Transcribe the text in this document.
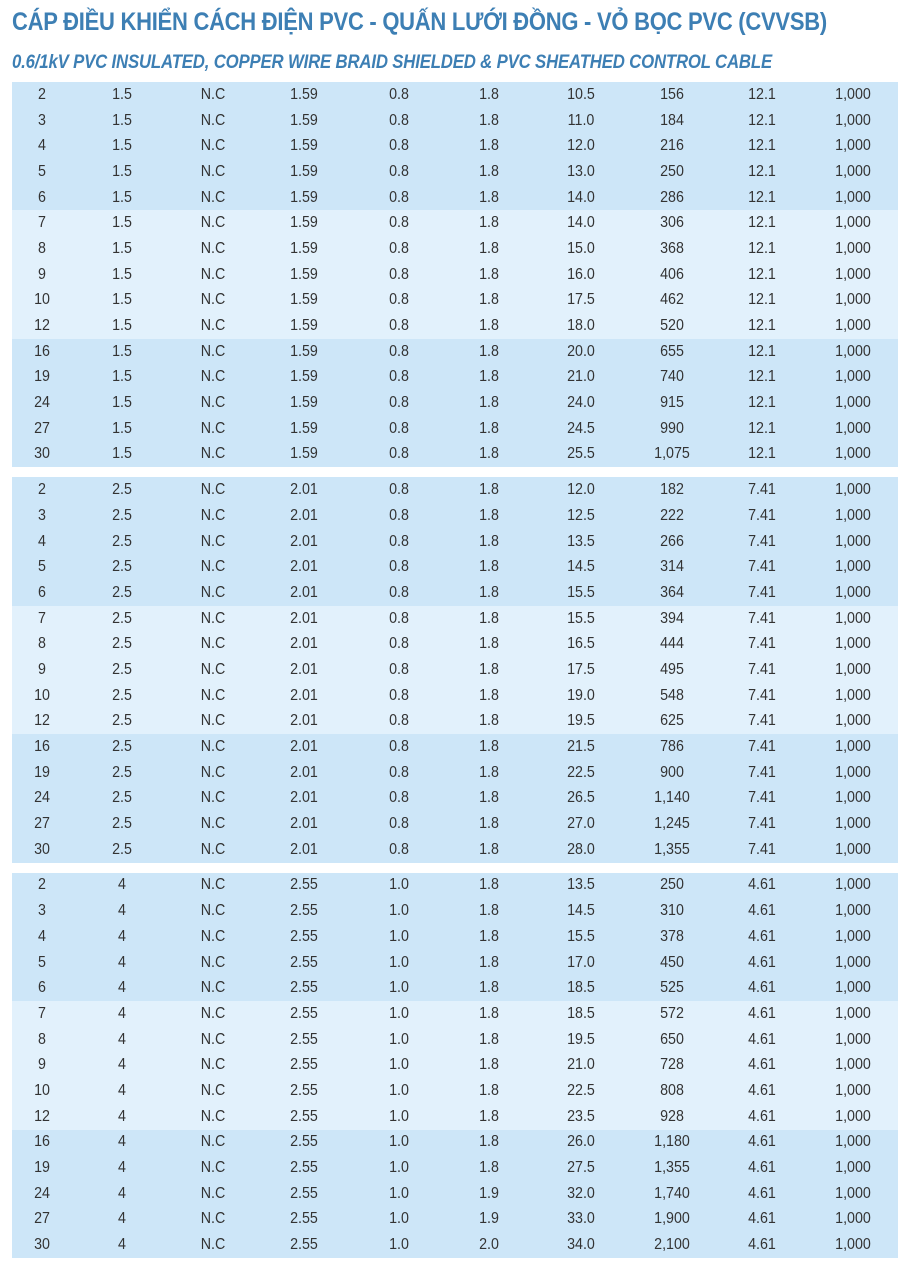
CÁP ĐIỀU KHIỂN CÁCH ĐIỆN PVC - QUẤN LƯỚI ĐỒNG - VỎ BỌC PVC (CVVSB)
0.6/1kV PVC INSULATED, COPPER WIRE BRAID SHIELDED & PVC SHEATHED CONTROL CABLE
2	1.5	N.C	1.59	0.8	1.8	10.5	156	12.1	1,000
3	1.5	N.C	1.59	0.8	1.8	11.0	184	12.1	1,000
4	1.5	N.C	1.59	0.8	1.8	12.0	216	12.1	1,000
5	1.5	N.C	1.59	0.8	1.8	13.0	250	12.1	1,000
6	1.5	N.C	1.59	0.8	1.8	14.0	286	12.1	1,000
7	1.5	N.C	1.59	0.8	1.8	14.0	306	12.1	1,000
8	1.5	N.C	1.59	0.8	1.8	15.0	368	12.1	1,000
9	1.5	N.C	1.59	0.8	1.8	16.0	406	12.1	1,000
10	1.5	N.C	1.59	0.8	1.8	17.5	462	12.1	1,000
12	1.5	N.C	1.59	0.8	1.8	18.0	520	12.1	1,000
16	1.5	N.C	1.59	0.8	1.8	20.0	655	12.1	1,000
19	1.5	N.C	1.59	0.8	1.8	21.0	740	12.1	1,000
24	1.5	N.C	1.59	0.8	1.8	24.0	915	12.1	1,000
27	1.5	N.C	1.59	0.8	1.8	24.5	990	12.1	1,000
30	1.5	N.C	1.59	0.8	1.8	25.5	1,075	12.1	1,000
2	2.5	N.C	2.01	0.8	1.8	12.0	182	7.41	1,000
3	2.5	N.C	2.01	0.8	1.8	12.5	222	7.41	1,000
4	2.5	N.C	2.01	0.8	1.8	13.5	266	7.41	1,000
5	2.5	N.C	2.01	0.8	1.8	14.5	314	7.41	1,000
6	2.5	N.C	2.01	0.8	1.8	15.5	364	7.41	1,000
7	2.5	N.C	2.01	0.8	1.8	15.5	394	7.41	1,000
8	2.5	N.C	2.01	0.8	1.8	16.5	444	7.41	1,000
9	2.5	N.C	2.01	0.8	1.8	17.5	495	7.41	1,000
10	2.5	N.C	2.01	0.8	1.8	19.0	548	7.41	1,000
12	2.5	N.C	2.01	0.8	1.8	19.5	625	7.41	1,000
16	2.5	N.C	2.01	0.8	1.8	21.5	786	7.41	1,000
19	2.5	N.C	2.01	0.8	1.8	22.5	900	7.41	1,000
24	2.5	N.C	2.01	0.8	1.8	26.5	1,140	7.41	1,000
27	2.5	N.C	2.01	0.8	1.8	27.0	1,245	7.41	1,000
30	2.5	N.C	2.01	0.8	1.8	28.0	1,355	7.41	1,000
2	4	N.C	2.55	1.0	1.8	13.5	250	4.61	1,000
3	4	N.C	2.55	1.0	1.8	14.5	310	4.61	1,000
4	4	N.C	2.55	1.0	1.8	15.5	378	4.61	1,000
5	4	N.C	2.55	1.0	1.8	17.0	450	4.61	1,000
6	4	N.C	2.55	1.0	1.8	18.5	525	4.61	1,000
7	4	N.C	2.55	1.0	1.8	18.5	572	4.61	1,000
8	4	N.C	2.55	1.0	1.8	19.5	650	4.61	1,000
9	4	N.C	2.55	1.0	1.8	21.0	728	4.61	1,000
10	4	N.C	2.55	1.0	1.8	22.5	808	4.61	1,000
12	4	N.C	2.55	1.0	1.8	23.5	928	4.61	1,000
16	4	N.C	2.55	1.0	1.8	26.0	1,180	4.61	1,000
19	4	N.C	2.55	1.0	1.8	27.5	1,355	4.61	1,000
24	4	N.C	2.55	1.0	1.9	32.0	1,740	4.61	1,000
27	4	N.C	2.55	1.0	1.9	33.0	1,900	4.61	1,000
30	4	N.C	2.55	1.0	2.0	34.0	2,100	4.61	1,000
